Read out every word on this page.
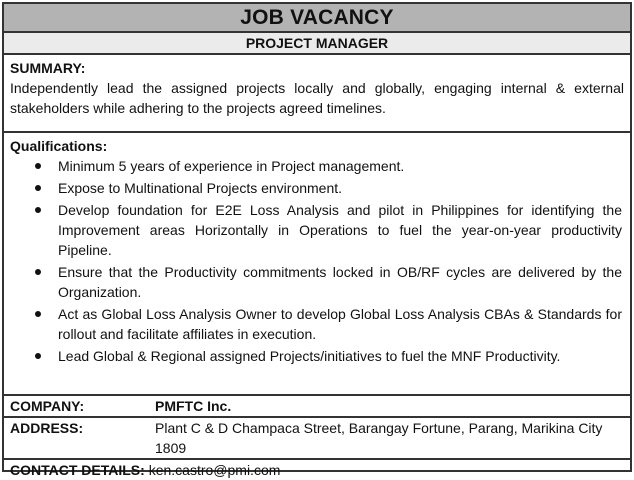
JOB VACANCY
PROJECT MANAGER
SUMMARY:
Independently lead the assigned projects locally and globally, engaging internal & external stakeholders while adhering to the projects agreed timelines.
Qualifications:
Minimum 5 years of experience in Project management.
Expose to Multinational Projects environment.
Develop foundation for E2E Loss Analysis and pilot in Philippines for identifying the Improvement areas Horizontally in Operations to fuel the year-on-year productivity Pipeline.
Ensure that the Productivity commitments locked in OB/RF cycles are delivered by the Organization.
Act as Global Loss Analysis Owner to develop Global Loss Analysis CBAs & Standards for rollout and facilitate affiliates in execution.
Lead Global & Regional assigned Projects/initiatives to fuel the MNF Productivity.
COMPANY:	PMFTC Inc.
ADDRESS:	Plant C & D Champaca Street, Barangay Fortune, Parang, Marikina City 1809
CONTACT DETAILS: ken.castro@pmi.com
